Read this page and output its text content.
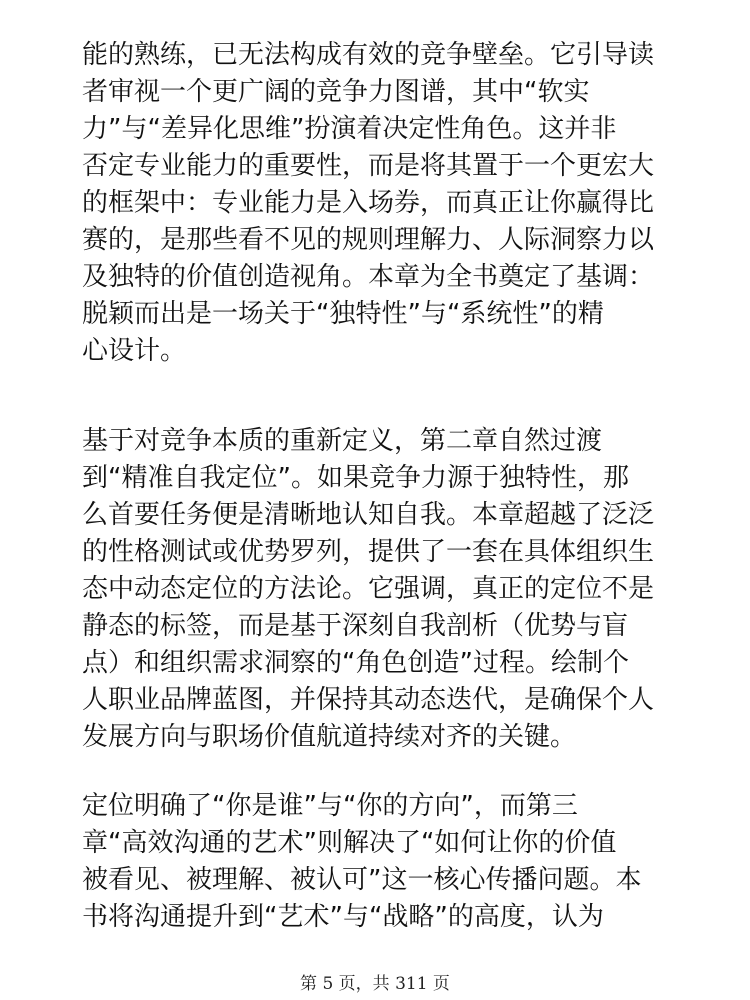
能的熟练，已无法构成有效的竞争壁垒。它引导读
者审视一个更广阔的竞争力图谱，其中“软实
力”与“差异化思维”扮演着决定性角色。这并非
否定专业能力的重要性，而是将其置于一个更宏大
的框架中：专业能力是入场券，而真正让你赢得比
赛的，是那些看不见的规则理解力、人际洞察力以
及独特的价值创造视角。本章为全书奠定了基调：
脱颖而出是一场关于“独特性”与“系统性”的精
心设计。
基于对竞争本质的重新定义，第二章自然过渡
到“精准自我定位”。如果竞争力源于独特性，那
么首要任务便是清晰地认知自我。本章超越了泛泛
的性格测试或优势罗列，提供了一套在具体组织生
态中动态定位的方法论。它强调，真正的定位不是
静态的标签，而是基于深刻自我剖析（优势与盲
点）和组织需求洞察的“角色创造”过程。绘制个
人职业品牌蓝图，并保持其动态迭代，是确保个人
发展方向与职场价值航道持续对齐的关键。
定位明确了“你是谁”与“你的方向”，而第三
章“高效沟通的艺术”则解决了“如何让你的价值
被看见、被理解、被认可”这一核心传播问题。本
书将沟通提升到“艺术”与“战略”的高度，认为
第 5 页，共 311 页
